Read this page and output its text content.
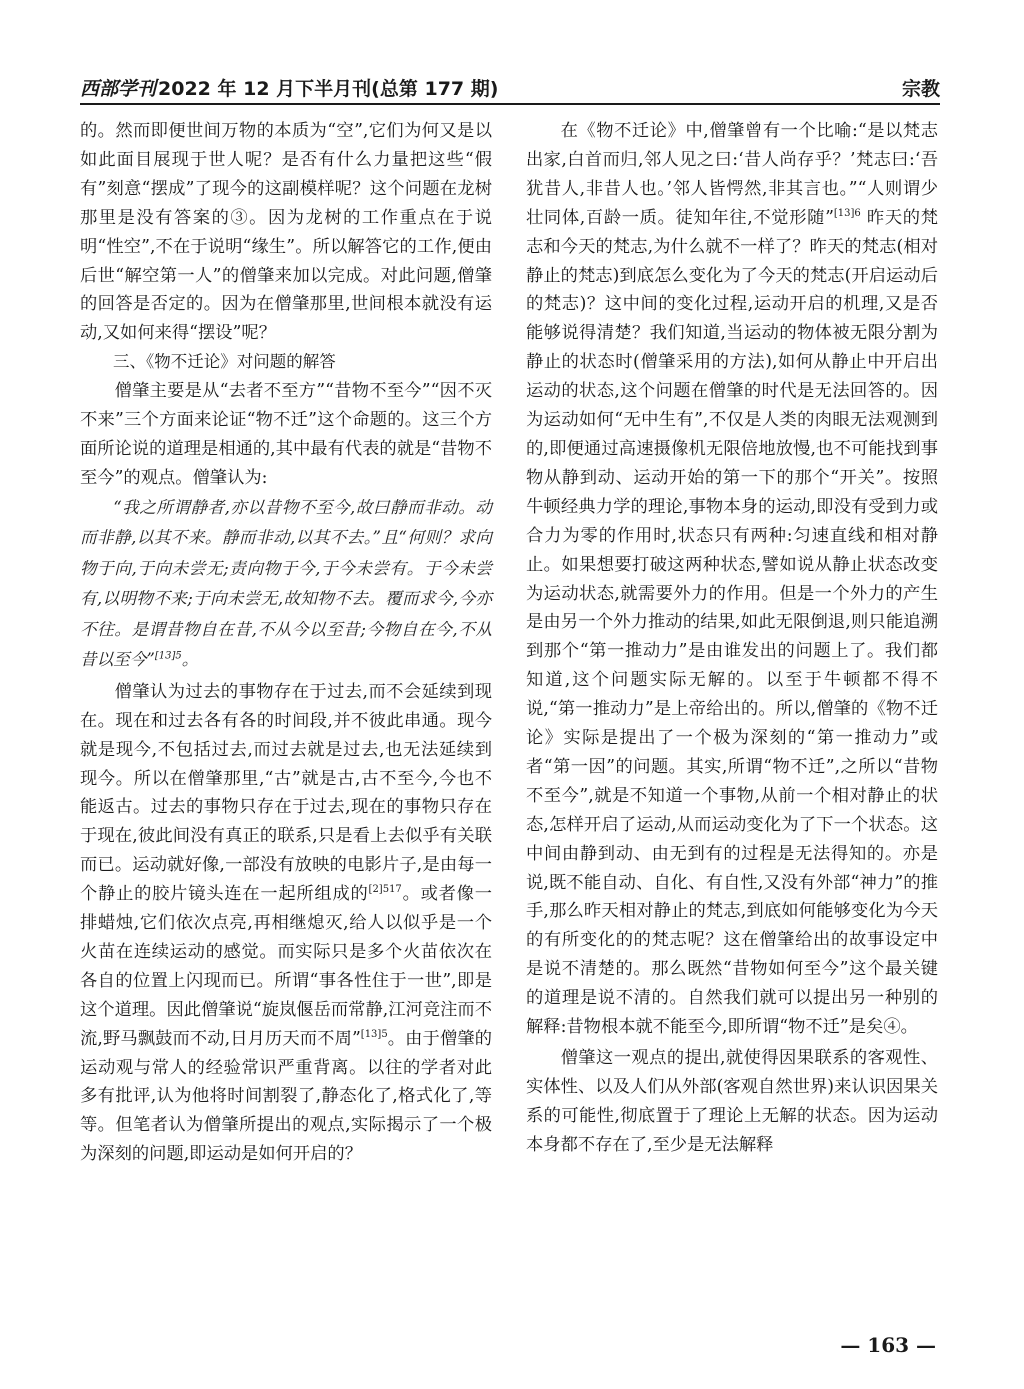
西部学刊 2022 年 12 月下半月刊(总第 177 期)	宗教

的。然而即便世间万物的本质为“空”,它们为何又是以如此面目展现于世人呢？是否有什么力量把这些“假有”刻意“摆成”了现今的这副模样呢？这个问题在龙树那里是没有答案的③。因为龙树的工作重点在于说明“性空”,不在于说明“缘生”。所以解答它的工作,便由后世“解空第一人”的僧肇来加以完成。对此问题,僧肇的回答是否定的。因为在僧肇那里,世间根本就没有运动,又如何来得“摆设”呢？

三、《物不迁论》对问题的解答

僧肇主要是从“去者不至方”“昔物不至今”“因不灭不来”三个方面来论证“物不迁”这个命题的。这三个方面所论说的道理是相通的,其中最有代表的就是“昔物不至今”的观点。僧肇认为:

“我之所谓静者,亦以昔物不至今,故曰静而非动。动而非静,以其不来。静而非动,以其不去。”且“何则？求向物于向,于向未尝无;责向物于今,于今未尝有。于今未尝有,以明物不来;于向未尝无,故知物不去。覆而求今,今亦不往。是谓昔物自在昔,不从今以至昔;今物自在今,不从昔以至今”$^{[13]5}$。

僧肇认为过去的事物存在于过去,而不会延续到现在。现在和过去各有各的时间段,并不彼此串通。现今就是现今,不包括过去,而过去就是过去,也无法延续到现今。所以在僧肇那里,“古”就是古,古不至今,今也不能返古。过去的事物只存在于过去,现在的事物只存在于现在,彼此间没有真正的联系,只是看上去似乎有关联而已。运动就好像,一部没有放映的电影片子,是由每一个静止的胶片镜头连在一起所组成的$^{[2]517}$。或者像一排蜡烛,它们依次点亮,再相继熄灭,给人以似乎是一个火苗在连续运动的感觉。而实际只是多个火苗依次在各自的位置上闪现而已。所谓“事各性住于一世”,即是这个道理。因此僧肇说“旋岚偃岳而常静,江河竞注而不流,野马飘鼓而不动,日月历天而不周”$^{[13]5}$。由于僧肇的运动观与常人的经验常识严重背离。以往的学者对此多有批评,认为他将时间割裂了,静态化了,格式化了,等等。但笔者认为僧肇所提出的观点,实际揭示了一个极为深刻的问题,即运动是如何开启的？

在《物不迁论》中,僧肇曾有一个比喻:“是以梵志出家,白首而归,邻人见之曰:‘昔人尚存乎？’梵志曰:‘吾犹昔人,非昔人也。’邻人皆愕然,非其言也。”“人则谓少壮同体,百龄一质。徒知年往,不觉形随”$^{[13]6}$ 昨天的梵志和今天的梵志,为什么就不一样了？昨天的梵志(相对静止的梵志)到底怎么变化为了今天的梵志(开启运动后的梵志)？这中间的变化过程,运动开启的机理,又是否能够说得清楚？我们知道,当运动的物体被无限分割为静止的状态时(僧肇采用的方法),如何从静止中开启出运动的状态,这个问题在僧肇的时代是无法回答的。因为运动如何“无中生有”,不仅是人类的肉眼无法观测到的,即便通过高速摄像机无限倍地放慢,也不可能找到事物从静到动、运动开始的第一下的那个“开关”。按照牛顿经典力学的理论,事物本身的运动,即没有受到力或合力为零的作用时,状态只有两种:匀速直线和相对静止。如果想要打破这两种状态,譬如说从静止状态改变为运动状态,就需要外力的作用。但是一个外力的产生是由另一个外力推动的结果,如此无限倒退,则只能追溯到那个“第一推动力”是由谁发出的问题上了。我们都知道,这个问题实际无解的。以至于牛顿都不得不说,“第一推动力”是上帝给出的。所以,僧肇的《物不迁论》实际是提出了一个极为深刻的“第一推动力”或者“第一因”的问题。其实,所谓“物不迁”,之所以“昔物不至今”,就是不知道一个事物,从前一个相对静止的状态,怎样开启了运动,从而运动变化为了下一个状态。这中间由静到动、由无到有的过程是无法得知的。亦是说,既不能自动、自化、有自性,又没有外部“神力”的推手,那么昨天相对静止的梵志,到底如何能够变化为今天的有所变化的的梵志呢？这在僧肇给出的故事设定中是说不清楚的。那么既然“昔物如何至今”这个最关键的道理是说不清的。自然我们就可以提出另一种别的解释:昔物根本就不能至今,即所谓“物不迁”是矣④。

僧肇这一观点的提出,就使得因果联系的客观性、实体性、以及人们从外部(客观自然世界)来认识因果关系的可能性,彻底置于了理论上无解的状态。因为运动本身都不存在了,至少是无法解释

— 163 —
